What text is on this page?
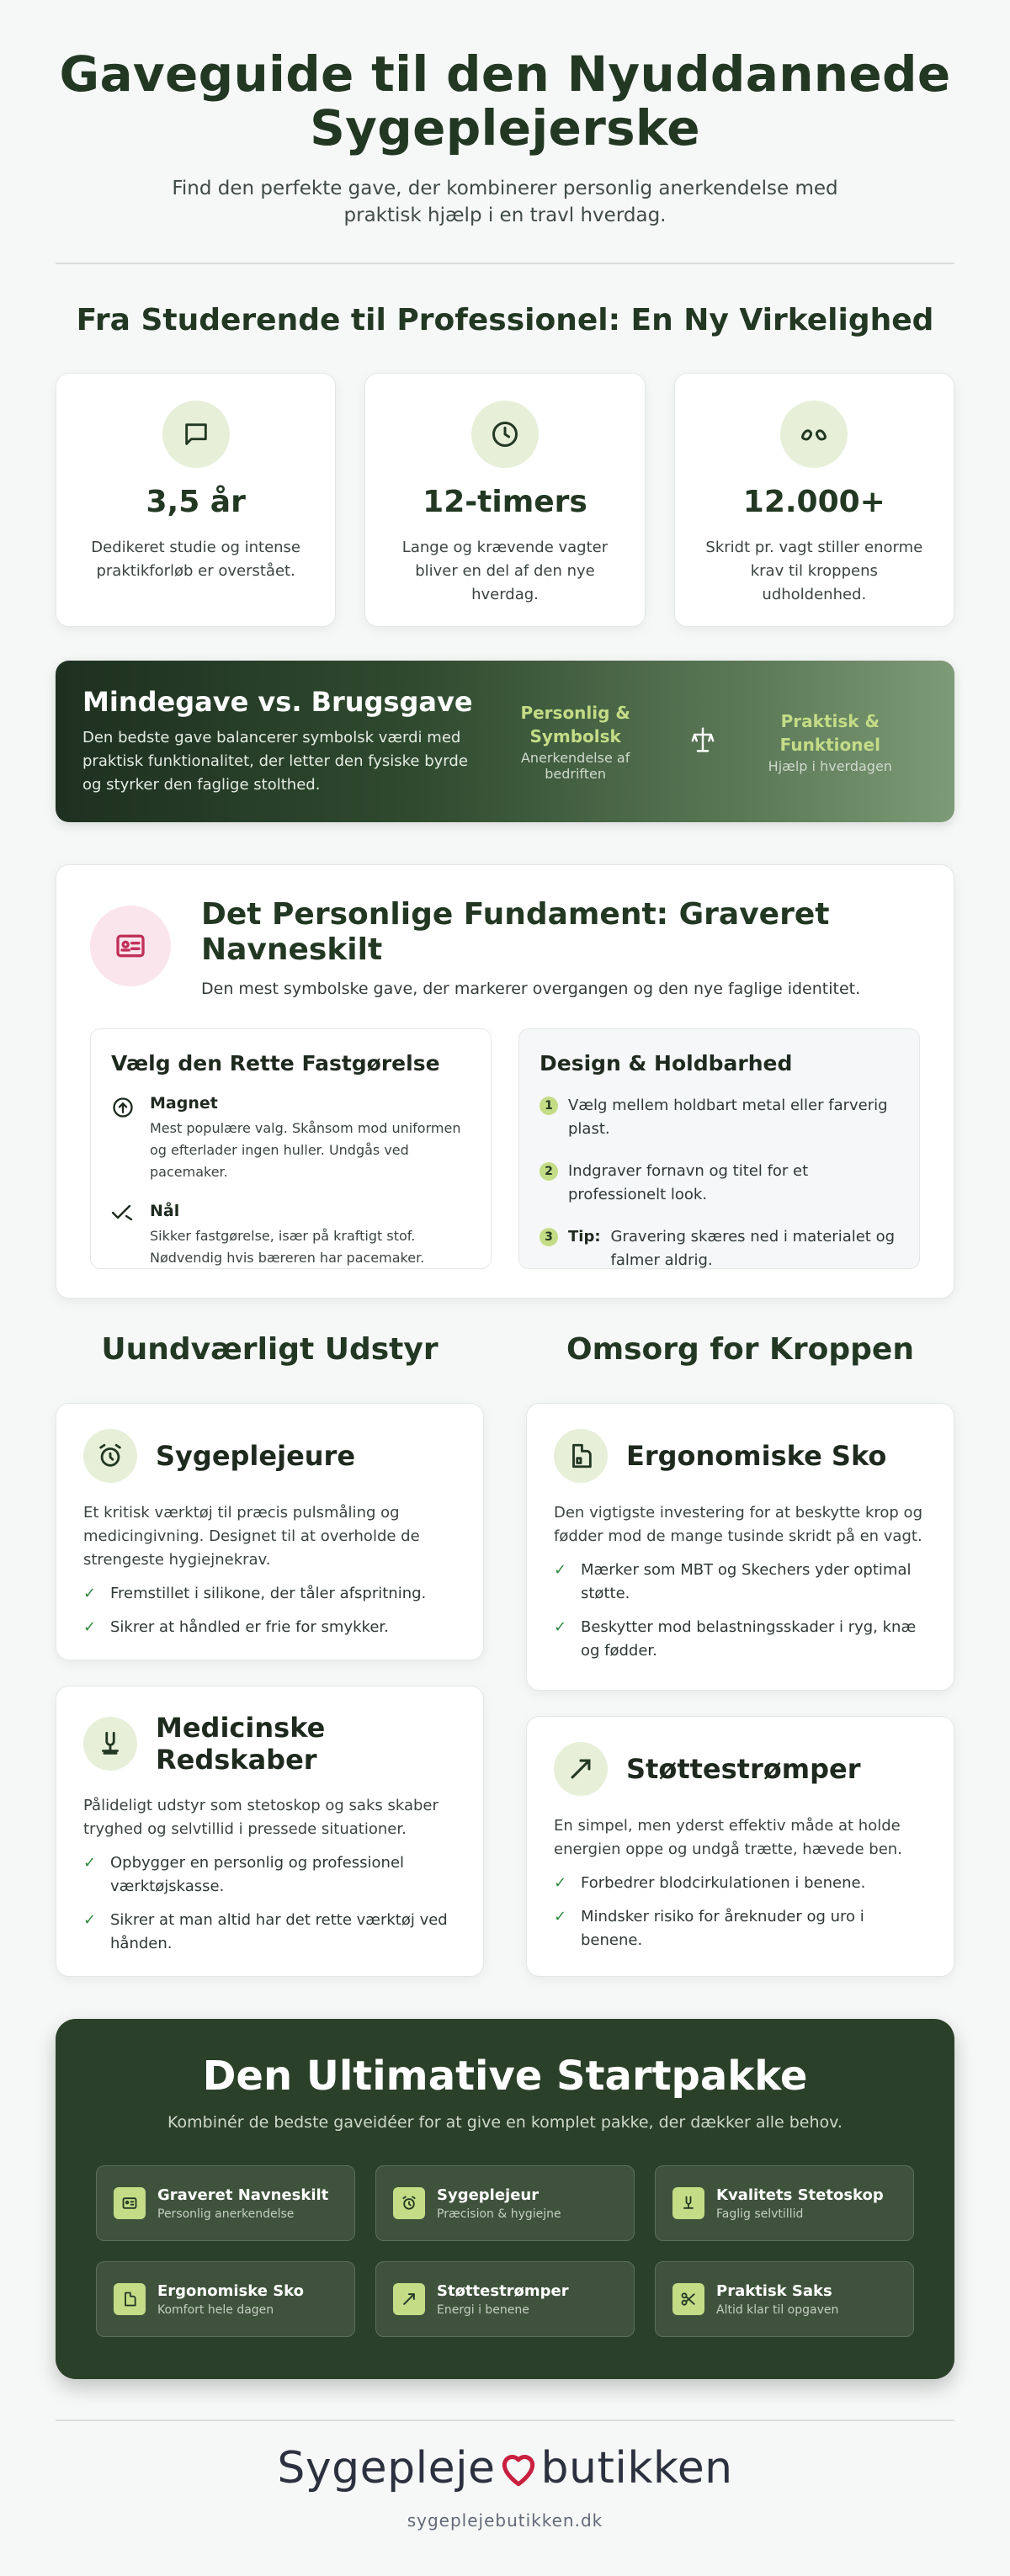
Gaveguide til den Nyuddannede Sygeplejerske

Find den perfekte gave, der kombinerer personlig anerkendelse med praktisk hjælp i en travl hverdag.

Fra Studerende til Professionel: En Ny Virkelighed
3,5 år
Dedikeret studie og intense praktikforløb er overstået.
12-timers
Lange og krævende vagter bliver en del af den nye hverdag.
12.000+
Skridt pr. vagt stiller enorme krav til kroppens udholdenhed.
Mindegave vs. Brugsgave
Den bedste gave balancerer symbolsk værdi med praktisk funktionalitet, der letter den fysiske byrde og styrker den faglige stolthed.
Personlig & Symbolsk
Anerkendelse af bedriften
Praktisk & Funktionel
Hjælp i hverdagen
Det Personlige Fundament: Graveret Navneskilt
Den mest symbolske gave, der markerer overgangen og den nye faglige identitet.
Vælg den Rette Fastgørelse
Magnet
Mest populære valg. Skånsom mod uniformen og efterlader ingen huller. Undgås ved pacemaker.
Nål
Sikker fastgørelse, især på kraftigt stof. Nødvendig hvis bæreren har pacemaker.
Design & Holdbarhed
1	Vælg mellem holdbart metal eller farverig plast.
2	Indgraver fornavn og titel for et professionelt look.
3	Tip: Gravering skæres ned i materialet og falmer aldrig.
Uundværligt Udstyr
Sygeplejeure
Et kritisk værktøj til præcis pulsmåling og medicingivning. Designet til at overholde de strengeste hygiejnekrav.
✓ Fremstillet i silikone, der tåler afspritning.
✓ Sikrer at håndled er frie for smykker.
Medicinske Redskaber
Pålideligt udstyr som stetoskop og saks skaber tryghed og selvtillid i pressede situationer.
✓ Opbygger en personlig og professionel værktøjskasse.
✓ Sikrer at man altid har det rette værktøj ved hånden.
Omsorg for Kroppen
Ergonomiske Sko
Den vigtigste investering for at beskytte krop og fødder mod de mange tusinde skridt på en vagt.
✓ Mærker som MBT og Skechers yder optimal støtte.
✓ Beskytter mod belastningsskader i ryg, knæ og fødder.
Støttestrømper
En simpel, men yderst effektiv måde at holde energien oppe og undgå trætte, hævede ben.
✓ Forbedrer blodcirkulationen i benene.
✓ Mindsker risiko for åreknuder og uro i benene.
Den Ultimative Startpakke
Kombinér de bedste gaveidéer for at give en komplet pakke, der dækker alle behov.
Graveret Navneskilt
Personlig anerkendelse
Sygeplejeur
Præcision & hygiejne
Kvalitets Stetoskop
Faglig selvtillid
Ergonomiske Sko
Komfort hele dagen
Støttestrømper
Energi i benene
Praktisk Saks
Altid klar til opgaven
Sygepleje butikken
sygeplejebutikken.dk
